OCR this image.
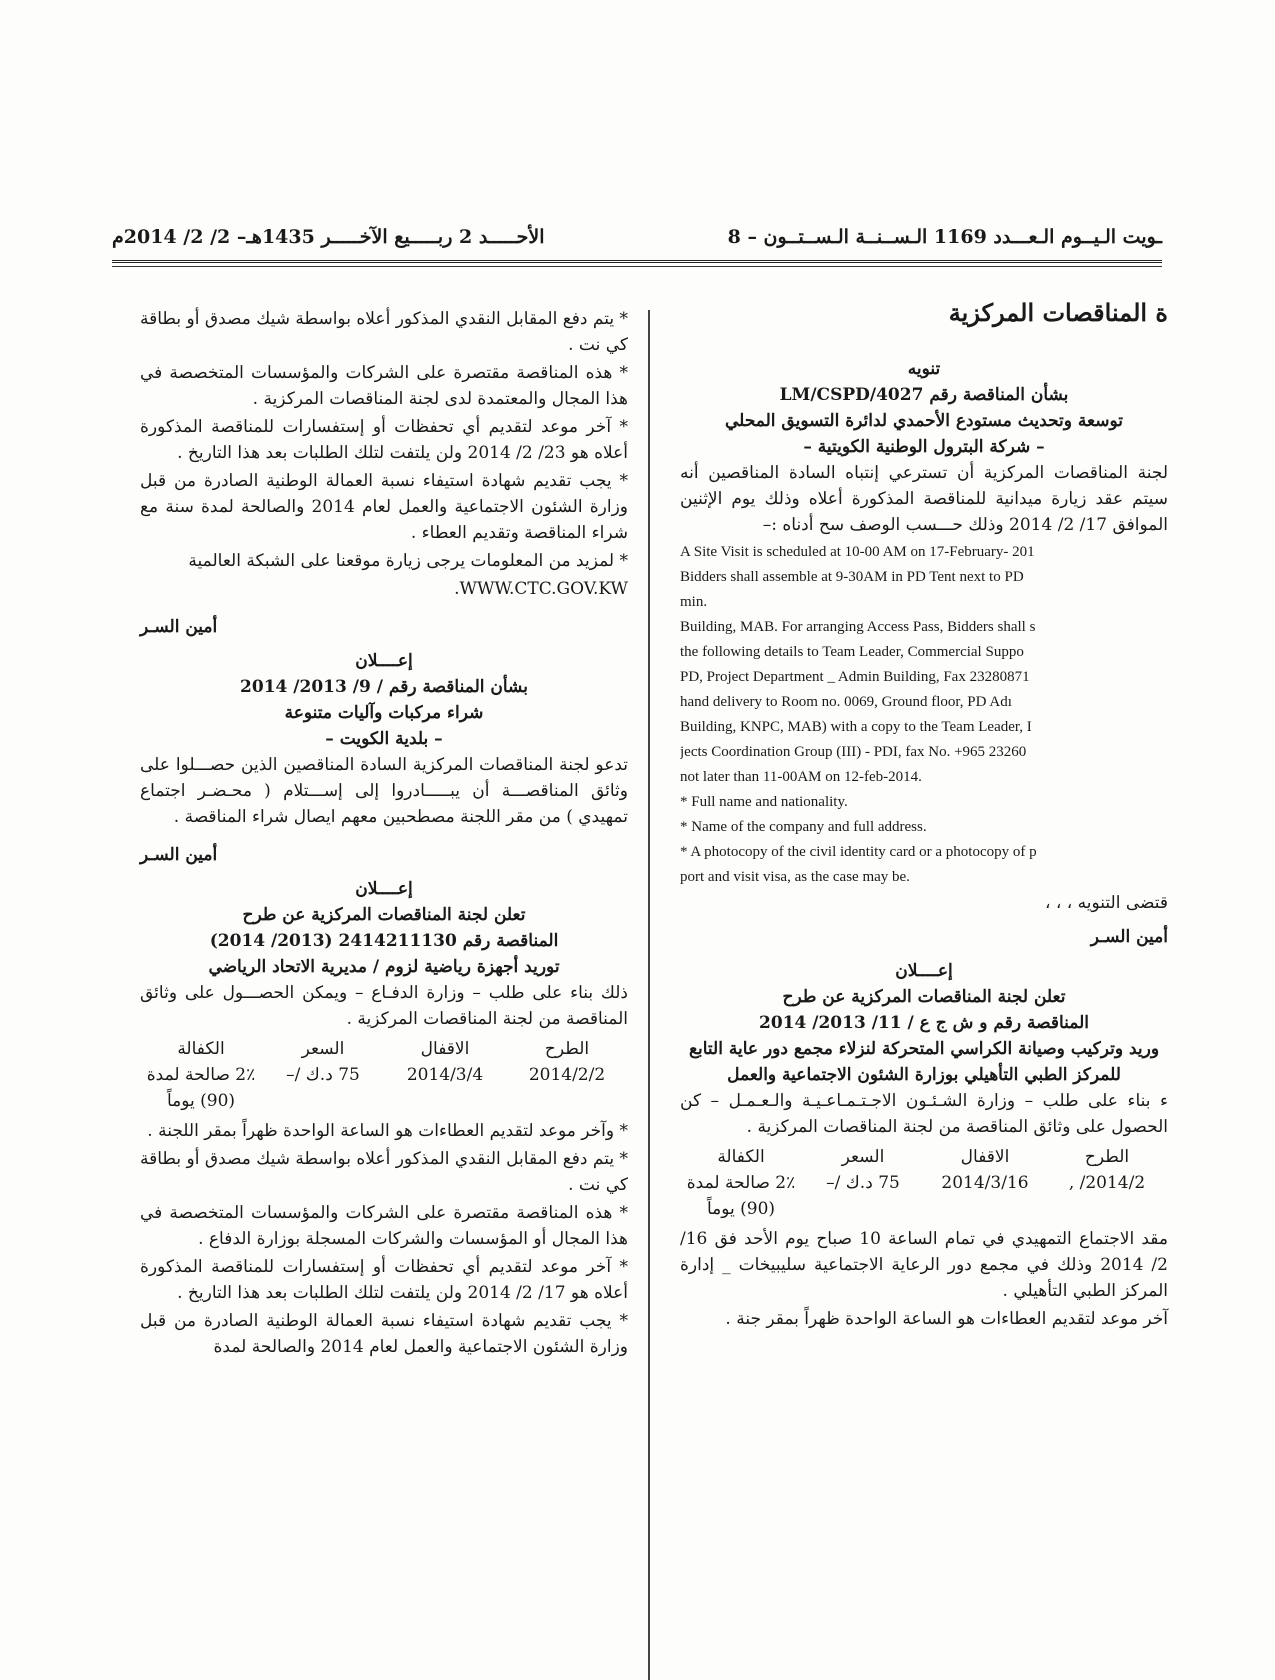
الأحـــــد 2 ربـــــيع الآخـــــر 1435هـ– 2/ 2/ 2014م	ـويت الـيــوم الـعـــدد 1169 الـســنــة الـســتــون – 8

* يتم دفع المقابل النقدي المذكور أعلاه بواسطة شيك مصدق أو بطاقة كي نت .

* هذه المناقصة مقتصرة على الشركات والمؤسسات المتخصصة في هذا المجال والمعتمدة لدى لجنة المناقصات المركزية .

* آخر موعد لتقديم أي تحفظات أو إستفسارات للمناقصة المذكورة أعلاه هو 23/ 2/ 2014 ولن يلتفت لتلك الطلبات بعد هذا التاريخ .

* يجب تقديم شهادة استيفاء نسبة العمالة الوطنية الصادرة من قبل وزارة الشئون الاجتماعية والعمل لعام 2014 والصالحة لمدة سنة مع شراء المناقصة وتقديم العطاء .

* لمزيد من المعلومات يرجى زيارة موقعنا على الشبكة العالمية

.WWW.CTC.GOV.KW

أمين السـر

إعــــلان

بشأن المناقصة رقم / 9/ 2013/ 2014

شراء مركبات وآليات متنوعة

– بلدية الكويت –

تدعو لجنة المناقصات المركزية السادة المناقصين الذين حصـــلوا على وثائق المناقصـــة أن يبـــــادروا إلى إســـتلام ( محـضـر اجتماع تمهيدي ) من مقر اللجنة مصطحبين معهم ايصال شراء المناقصة .

أمين السـر

إعــــلان

تعلن لجنة المناقصات المركزية عن طرح

المناقصة رقم 2414211130 (2013/ 2014)

توريد أجهزة رياضية لزوم / مديرية الاتحاد الرياضي

ذلك بناء على طلب – وزارة الدفـاع – ويمكن الحصـــول على وثائق المناقصة من لجنة المناقصات المركزية .

الطرح
الاقفال
السعر
الكفالة
2014/2/2
2014/3/4
75 د.ك /–
2٪ صالحة لمدة (90) يوماً

* وآخر موعد لتقديم العطاءات هو الساعة الواحدة ظهراً بمقر اللجنة .

* يتم دفع المقابل النقدي المذكور أعلاه بواسطة شيك مصدق أو بطاقة كي نت .

* هذه المناقصة مقتصرة على الشركات والمؤسسات المتخصصة في هذا المجال أو المؤسسات والشركات المسجلة بوزارة الدفاع .

* آخر موعد لتقديم أي تحفظات أو إستفسارات للمناقصة المذكورة أعلاه هو 17/ 2/ 2014 ولن يلتفت لتلك الطلبات بعد هذا التاريخ .

* يجب تقديم شهادة استيفاء نسبة العمالة الوطنية الصادرة من قبل وزارة الشئون الاجتماعية والعمل لعام 2014 والصالحة لمدة

ة المناقصات المركزية

تنويه

بشأن المناقصة رقم LM/CSPD/4027

توسعة وتحديث مستودع الأحمدي لدائرة التسويق المحلي

– شركة البترول الوطنية الكويتية –

لجنة المناقصات المركزية أن تسترعي إنتباه السادة المناقصين أنه سيتم عقد زيارة ميدانية للمناقصة المذكورة أعلاه وذلك يوم الإثنين الموافق 17/ 2/ 2014 وذلك حـــسب الوصف سح أدناه :–

A Site Visit is scheduled at 10-00 AM on 17-February- 201

Bidders shall assemble at 9-30AM in PD Tent next to PD

min.

Building, MAB. For arranging Access Pass, Bidders shall s

the following details to Team Leader, Commercial Suppo

PD, Project Department _ Admin Building, Fax 23280871

hand delivery to Room no. 0069, Ground floor, PD Adı

Building, KNPC, MAB) with a copy to the Team Leader, I

jects Coordination Group (III) - PDI, fax No. +965 23260

not later than 11-00AM on 12-feb-2014.

* Full name and nationality.

* Name of the company and full address.

* A photocopy of the civil identity card or a photocopy of p

port and visit visa, as the case may be.

قتضى التنويه ، ، ،

أمين السـر

إعــــلان

تعلن لجنة المناقصات المركزية عن طرح

المناقصة رقم و ش ج ع / 11/ 2013/ 2014

وريد وتركيب وصيانة الكراسي المتحركة لنزلاء مجمع دور عاية التابع للمركز الطبي التأهيلي بوزارة الشئون الاجتماعية والعمل

ء بناء على طلب – وزارة الشـئـون الاجـتـمـاعـيـة والـعـمـل – كن الحصول على وثائق المناقصة من لجنة المناقصات المركزية .

الطرح
الاقفال
السعر
الكفالة
2014/2/ ,
2014/3/16
75 د.ك /–
2٪ صالحة لمدة (90) يوماً

مقد الاجتماع التمهيدي في تمام الساعة 10 صباح يوم الأحد فق 16/ 2/ 2014 وذلك في مجمع دور الرعاية الاجتماعية سليبيخات _ إدارة المركز الطبي التأهيلي .

آخر موعد لتقديم العطاءات هو الساعة الواحدة ظهراً بمقر جنة .
